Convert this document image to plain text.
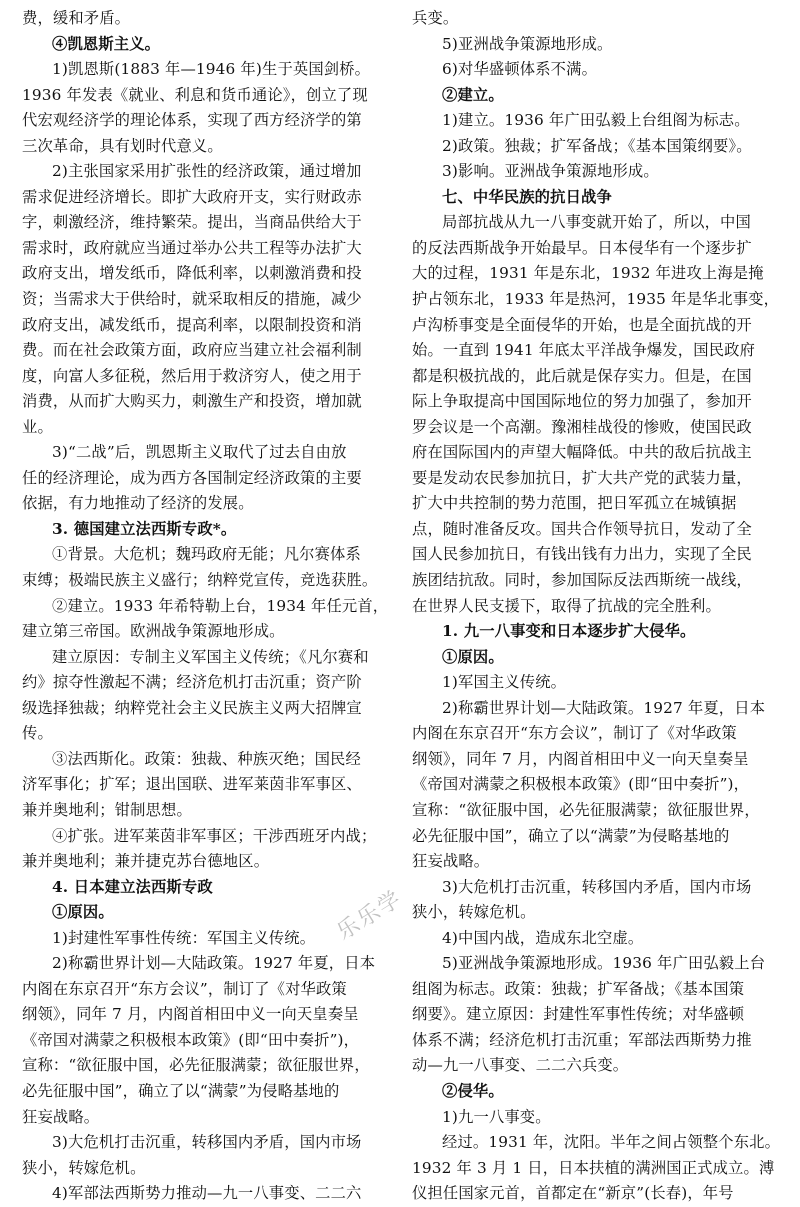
费，缓和矛盾。
④凯恩斯主义。
1)凯恩斯(1883 年—1946 年)生于英国剑桥。
1936 年发表《就业、利息和货币通论》，创立了现
代宏观经济学的理论体系，实现了西方经济学的第
三次革命，具有划时代意义。
2)主张国家采用扩张性的经济政策，通过增加
需求促进经济增长。即扩大政府开支，实行财政赤
字，刺激经济，维持繁荣。提出，当商品供给大于
需求时，政府就应当通过举办公共工程等办法扩大
政府支出，增发纸币，降低利率，以刺激消费和投
资；当需求大于供给时，就采取相反的措施，减少
政府支出，减发纸币，提高利率，以限制投资和消
费。而在社会政策方面，政府应当建立社会福利制
度，向富人多征税，然后用于救济穷人，使之用于
消费，从而扩大购买力，刺激生产和投资，增加就
业。
3)“二战”后，凯恩斯主义取代了过去自由放
任的经济理论，成为西方各国制定经济政策的主要
依据，有力地推动了经济的发展。
3. 德国建立法西斯专政*。
①背景。大危机；魏玛政府无能；凡尔赛体系
束缚；极端民族主义盛行；纳粹党宣传，竞选获胜。
②建立。1933 年希特勒上台，1934 年任元首，
建立第三帝国。欧洲战争策源地形成。
建立原因：专制主义军国主义传统；《凡尔赛和
约》掠夺性激起不满；经济危机打击沉重；资产阶
级选择独裁；纳粹党社会主义民族主义两大招牌宣
传。
③法西斯化。政策：独裁、种族灭绝；国民经
济军事化；扩军；退出国联、进军莱茵非军事区、
兼并奥地利；钳制思想。
④扩张。进军莱茵非军事区；干涉西班牙内战；
兼并奥地利；兼并捷克苏台德地区。
4. 日本建立法西斯专政
①原因。
1)封建性军事性传统：军国主义传统。
2)称霸世界计划—大陆政策。1927 年夏，日本
内阁在东京召开“东方会议”，制订了《对华政策
纲领》，同年 7 月，内阁首相田中义一向天皇奏呈
《帝国对满蒙之积极根本政策》(即“田中奏折”)，
宣称：“欲征服中国，必先征服满蒙；欲征服世界，
必先征服中国”，确立了以“满蒙”为侵略基地的
狂妄战略。
3)大危机打击沉重，转移国内矛盾，国内市场
狭小，转嫁危机。
4)军部法西斯势力推动—九一八事变、二二六
兵变。
5)亚洲战争策源地形成。
6)对华盛顿体系不满。
②建立。
1)建立。1936 年广田弘毅上台组阁为标志。
2)政策。独裁；扩军备战；《基本国策纲要》。
3)影响。亚洲战争策源地形成。
七、中华民族的抗日战争
局部抗战从九一八事变就开始了，所以，中国
的反法西斯战争开始最早。日本侵华有一个逐步扩
大的过程，1931 年是东北，1932 年进攻上海是掩
护占领东北，1933 年是热河，1935 年是华北事变，
卢沟桥事变是全面侵华的开始，也是全面抗战的开
始。一直到 1941 年底太平洋战争爆发，国民政府
都是积极抗战的，此后就是保存实力。但是，在国
际上争取提高中国国际地位的努力加强了，参加开
罗会议是一个高潮。豫湘桂战役的惨败，使国民政
府在国际国内的声望大幅降低。中共的敌后抗战主
要是发动农民参加抗日，扩大共产党的武装力量，
扩大中共控制的势力范围，把日军孤立在城镇据
点，随时准备反攻。国共合作领导抗日，发动了全
国人民参加抗日，有钱出钱有力出力，实现了全民
族团结抗敌。同时，参加国际反法西斯统一战线，
在世界人民支援下，取得了抗战的完全胜利。
1. 九一八事变和日本逐步扩大侵华。
①原因。
1)军国主义传统。
2)称霸世界计划—大陆政策。1927 年夏，日本
内阁在东京召开“东方会议”，制订了《对华政策
纲领》，同年 7 月，内阁首相田中义一向天皇奏呈
《帝国对满蒙之积极根本政策》(即“田中奏折”)，
宣称：“欲征服中国，必先征服满蒙；欲征服世界，
必先征服中国”，确立了以“满蒙”为侵略基地的
狂妄战略。
3)大危机打击沉重，转移国内矛盾，国内市场
狭小，转嫁危机。
4)中国内战，造成东北空虚。
5)亚洲战争策源地形成。1936 年广田弘毅上台
组阁为标志。政策：独裁；扩军备战；《基本国策
纲要》。建立原因：封建性军事性传统；对华盛顿
体系不满；经济危机打击沉重；军部法西斯势力推
动—九一八事变、二二六兵变。
②侵华。
1)九一八事变。
经过。1931 年，沈阳。半年之间占领整个东北。
1932 年 3 月 1 日，日本扶植的满洲国正式成立。溥
仪担任国家元首，首都定在“新京”(长春)，年号
乐乐学
